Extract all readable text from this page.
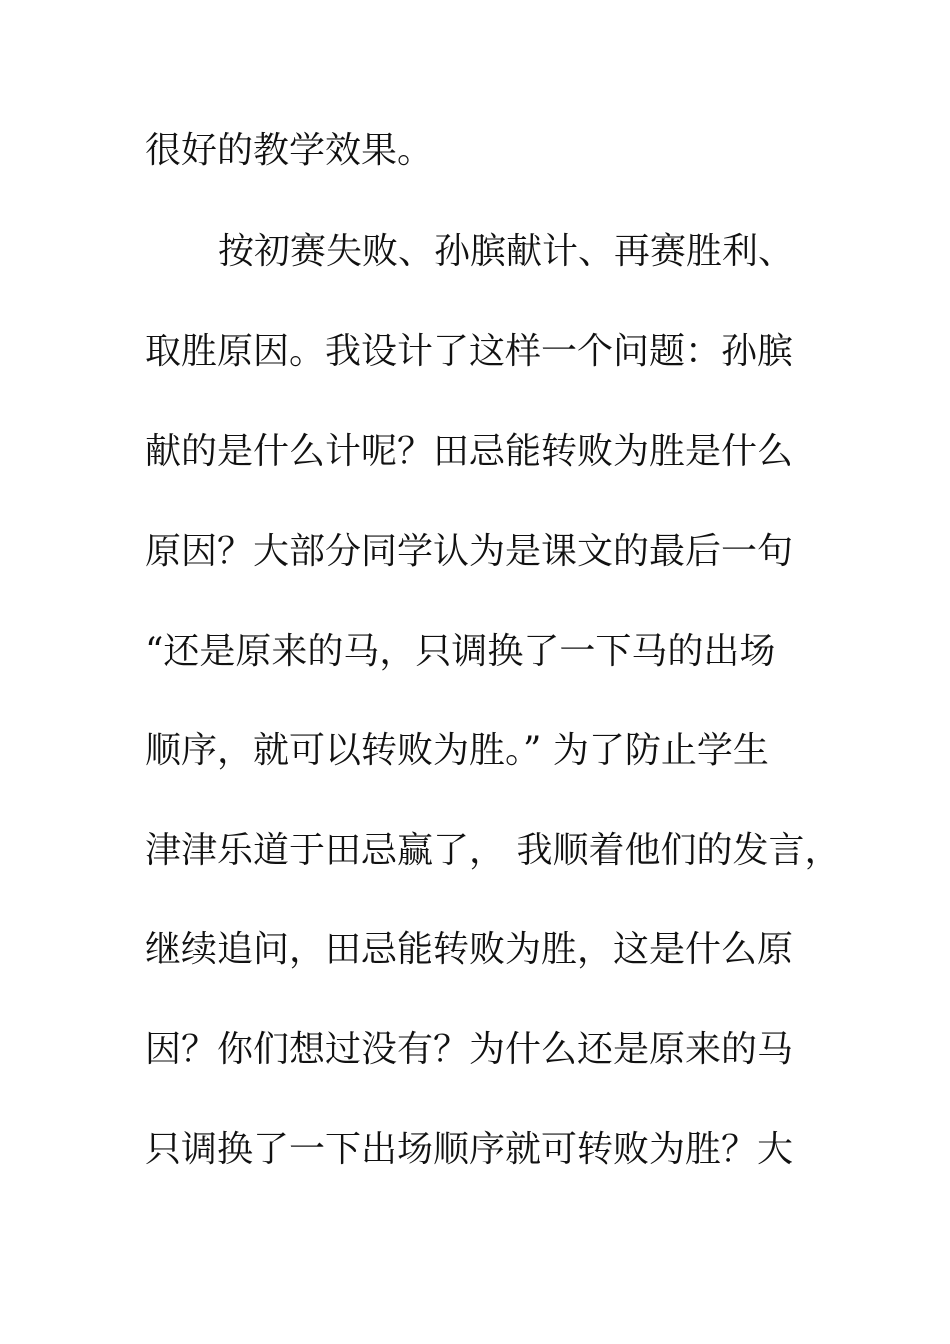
很好的教学效果。
按初赛失败、孙膑献计、再赛胜利、
取胜原因。我设计了这样一个问题：孙膑
献的是什么计呢？田忌能转败为胜是什么
原因？大部分同学认为是课文的最后一句
“还是原来的马，只调换了一下马的出场
顺序，就可以转败为胜。” 为了防止学生
津津乐道于田忌赢了， 我顺着他们的发言，
继续追问，田忌能转败为胜，这是什么原
因？你们想过没有？为什么还是原来的马
只调换了一下出场顺序就可转败为胜？大
